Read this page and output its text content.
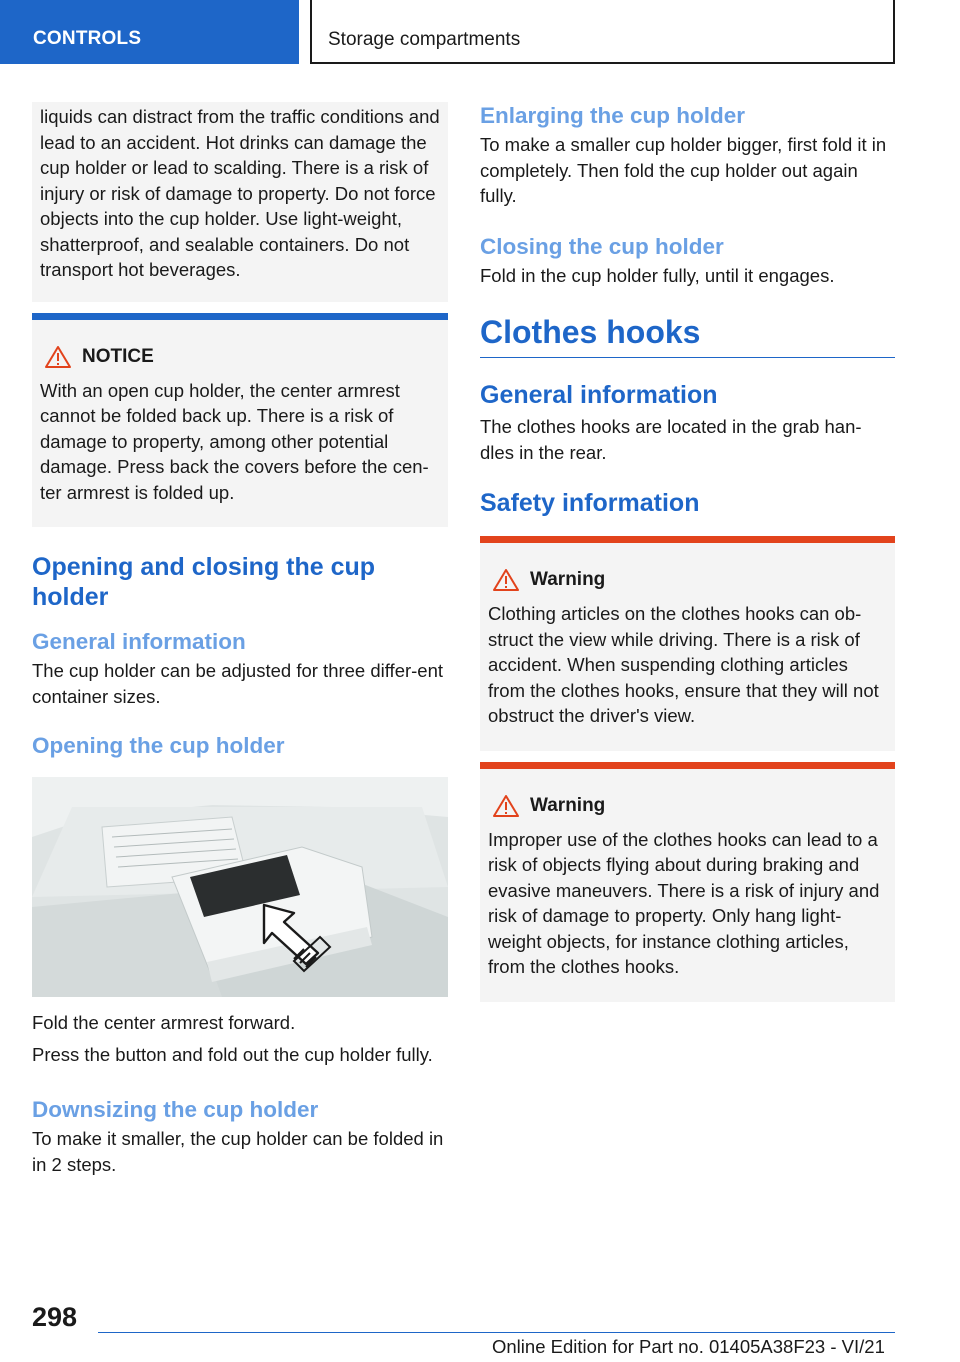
CONTROLS	Storage compartments

liquids can distract from the traffic conditions and lead to an accident. Hot drinks can damage the cup holder or lead to scalding. There is a risk of injury or risk of damage to property. Do not force objects into the cup holder. Use light‐weight, shatterproof, and sealable containers. Do not transport hot beverages.

NOTICE

With an open cup holder, the center armrest cannot be folded back up. There is a risk of damage to property, among other potential damage. Press back the covers before the cen‐ter armrest is folded up.

Opening and closing the cup holder
General information

The cup holder can be adjusted for three differ‐ent container sizes.

Opening the cup holder

Fold the center armrest forward.

Press the button and fold out the cup holder fully.

Downsizing the cup holder

To make it smaller, the cup holder can be folded in in 2 steps.

Enlarging the cup holder

To make a smaller cup holder bigger, first fold it in completely. Then fold the cup holder out again fully.

Closing the cup holder

Fold in the cup holder fully, until it engages.

Clothes hooks
General information

The clothes hooks are located in the grab han‐dles in the rear.

Safety information
Warning

Clothing articles on the clothes hooks can ob‐struct the view while driving. There is a risk of accident. When suspending clothing articles from the clothes hooks, ensure that they will not obstruct the driver's view.

Warning

Improper use of the clothes hooks can lead to a risk of objects flying about during braking and evasive maneuvers. There is a risk of injury and risk of damage to property. Only hang light‐weight objects, for instance clothing articles, from the clothes hooks.

298
Online Edition for Part no. 01405A38F23 - VI/21
